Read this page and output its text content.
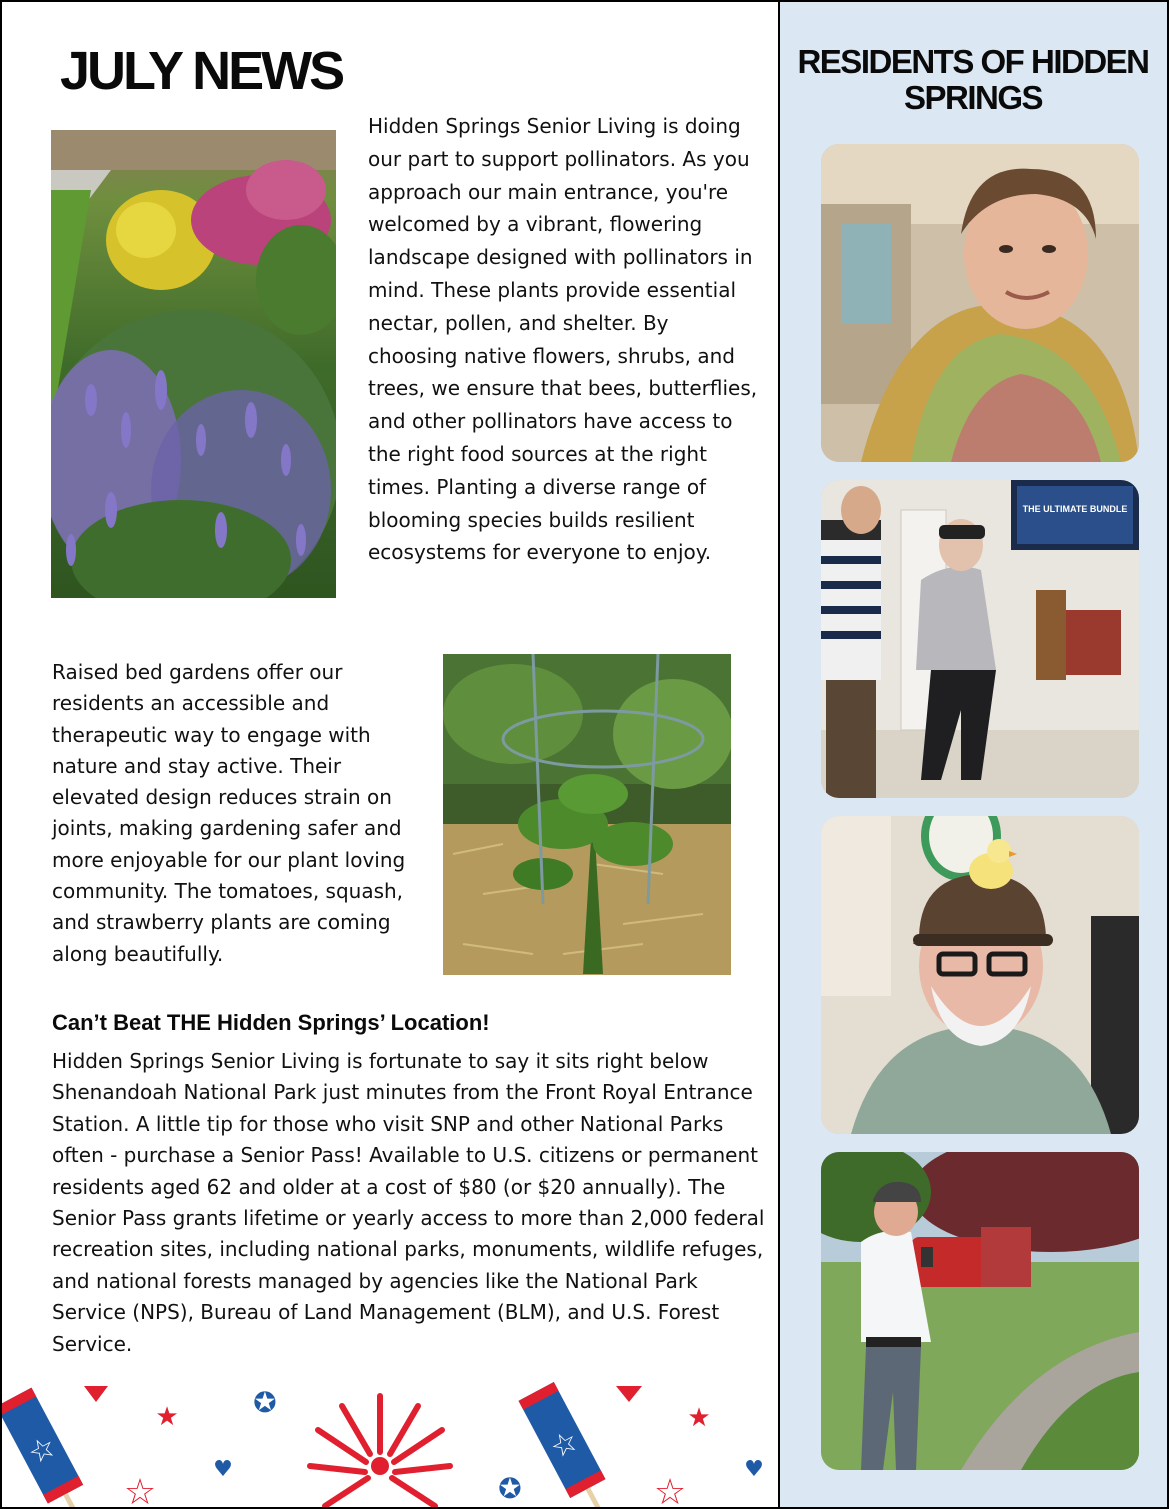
JULY NEWS

Hidden Springs Senior Living is doing our part to support pollinators. As you approach our main entrance, you're welcomed by a vibrant, flowering landscape designed with pollinators in mind. These plants provide essential nectar, pollen, and shelter. By choosing native flowers, shrubs, and trees, we ensure that bees, butterflies, and other pollinators have access to the right food sources at the right times. Planting a diverse range of blooming species builds resilient ecosystems for everyone to enjoy.

Raised bed gardens offer our residents an accessible and therapeutic way to engage with nature and stay active. Their elevated design reduces strain on joints, making gardening safer and more enjoyable for our plant loving community. The tomatoes, squash, and strawberry plants are coming along beautifully.

Can’t Beat THE Hidden Springs’ Location!

Hidden Springs Senior Living is fortunate to say it sits right below Shenandoah National Park just minutes from the Front Royal Entrance Station. A little tip for those who visit SNP and other National Parks often - purchase a Senior Pass! Available to U.S. citizens or permanent residents aged 62 and older at a cost of $80 (or $20 annually). The Senior Pass grants lifetime or yearly access to more than 2,000 federal recreation sites, including national parks, monuments, wildlife refuges, and national forests managed by agencies like the National Park Service (NPS), Bureau of Land Management (BLM), and U.S. Forest Service.

☆
★	✪
☆
♥
☆
★
✪	☆
♥
RESIDENTS OF HIDDEN SPRINGS
THE ULTIMATE BUNDLE
